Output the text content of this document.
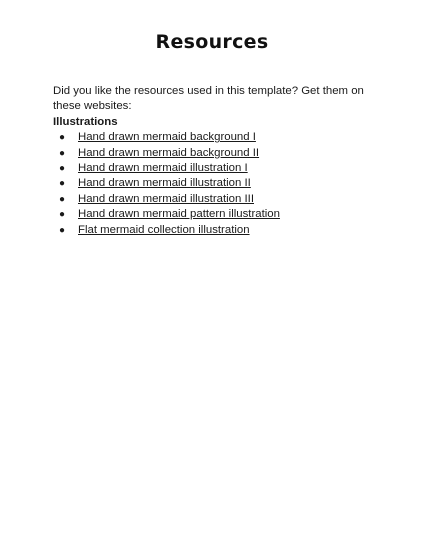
Resources

Did you like the resources used in this template? Get them on these websites:

Illustrations

● Hand drawn mermaid background I
● Hand drawn mermaid background II
● Hand drawn mermaid illustration I
● Hand drawn mermaid illustration II
● Hand drawn mermaid illustration III
● Hand drawn mermaid pattern illustration
● Flat mermaid collection illustration
